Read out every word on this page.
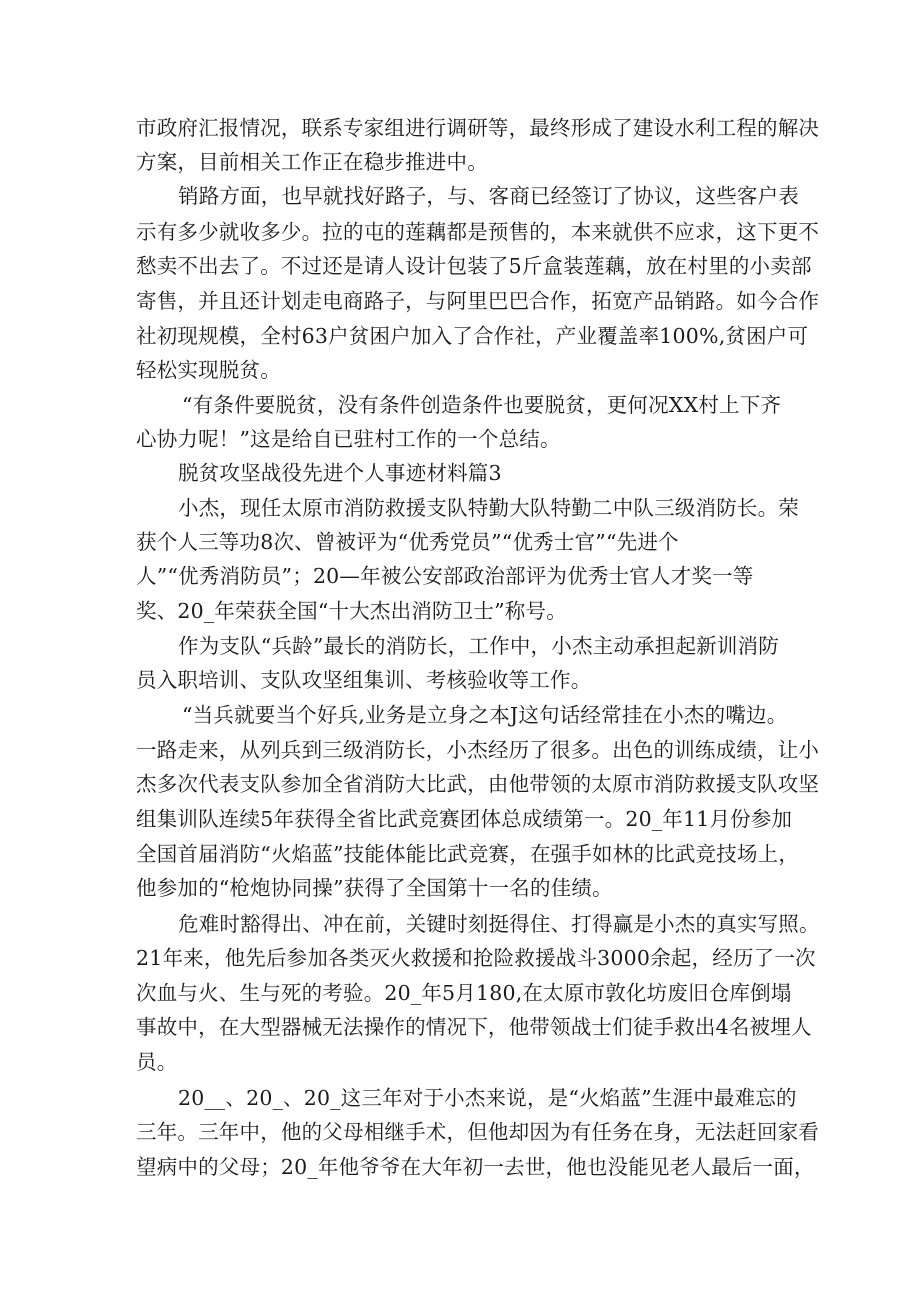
市政府汇报情况，联系专家组进行调研等，最终形成了建设水利工程的解决
方案，目前相关工作正在稳步推进中。
销路方面，也早就找好路子，与、客商已经签订了协议，这些客户表
示有多少就收多少。拉的屯的莲藕都是预售的，本来就供不应求，这下更不
愁卖不出去了。不过还是请人设计包装了5斤盒装莲藕，放在村里的小卖部
寄售，并且还计划走电商路子，与阿里巴巴合作，拓宽产品销路。如今合作
社初现规模，全村63户贫困户加入了合作社，产业覆盖率100%,贫困户可
轻松实现脱贫。
“有条件要脱贫，没有条件创造条件也要脱贫，更何况XX村上下齐
心协力呢！”这是给自已驻村工作的一个总结。
脱贫攻坚战役先进个人事迹材料篇3
小杰，现任太原市消防救援支队特勤大队特勤二中队三级消防长。荣
获个人三等功8次、曾被评为“优秀党员”“优秀士官”“先进个
人”“优秀消防员”；20—年被公安部政治部评为优秀士官人才奖一等
奖、20_年荣获全国“十大杰出消防卫士”称号。
作为支队“兵龄”最长的消防长，工作中，小杰主动承担起新训消防
员入职培训、支队攻坚组集训、考核验收等工作。
“当兵就要当个好兵,业务是立身之本J这句话经常挂在小杰的嘴边。
一路走来，从列兵到三级消防长，小杰经历了很多。出色的训练成绩，让小
杰多次代表支队参加全省消防大比武，由他带领的太原市消防救援支队攻坚
组集训队连续5年获得全省比武竞赛团体总成绩第一。20_年11月份参加
全国首届消防“火焰蓝”技能体能比武竞赛，在强手如林的比武竞技场上，
他参加的“枪炮协同操”获得了全国第十一名的佳绩。
危难时豁得出、冲在前，关键时刻挺得住、打得赢是小杰的真实写照。
21年来，他先后参加各类灭火救援和抢险救援战斗3000余起，经历了一次
次血与火、生与死的考验。20_年5月180,在太原市敦化坊废旧仓库倒塌
事故中，在大型器械无法操作的情况下，他带领战士们徒手救出4名被埋人
员。
20__、20_、20_这三年对于小杰来说，是“火焰蓝”生涯中最难忘的
三年。三年中，他的父母相继手术，但他却因为有任务在身，无法赶回家看
望病中的父母；20_年他爷爷在大年初一去世，他也没能见老人最后一面，
